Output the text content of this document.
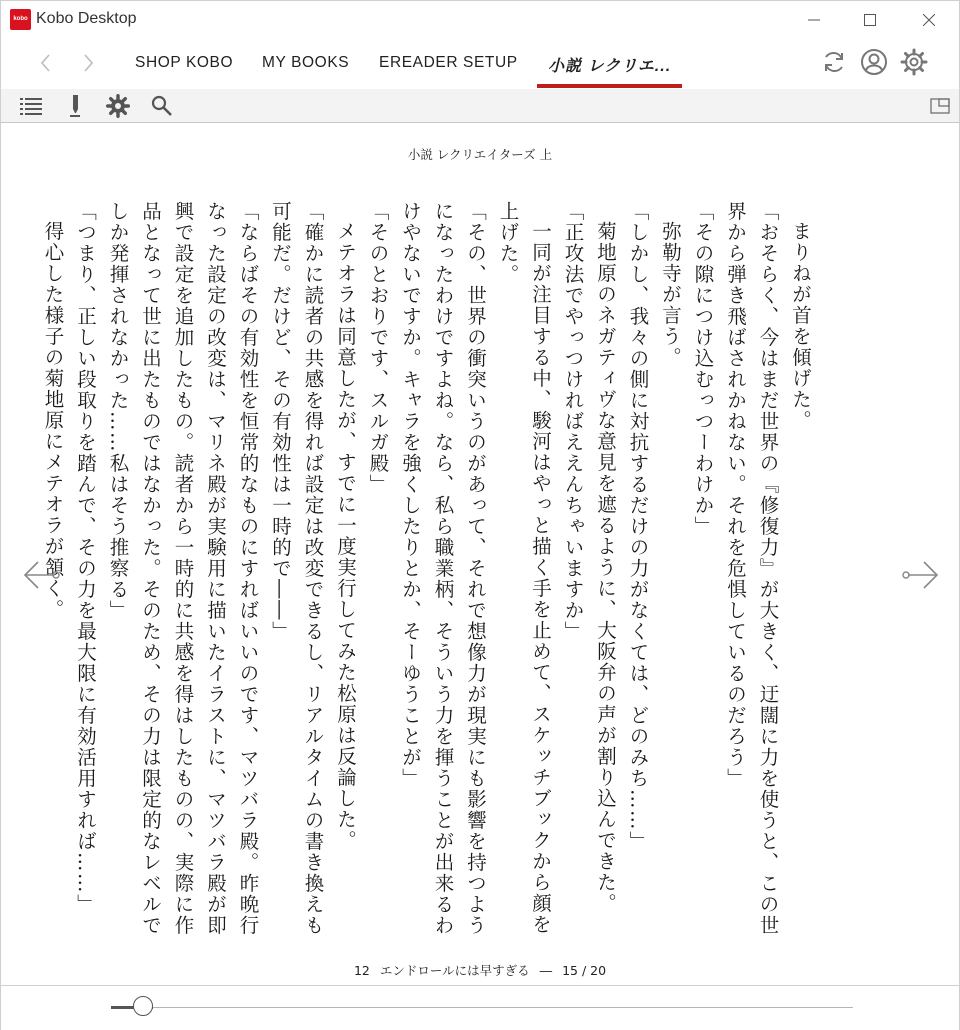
kobo Kobo Desktop
SHOP KOBO MY BOOKS EREADER SETUP 小説 レクリエ...
小説 レクリエイターズ 上

まりねが首を傾げた。

「おそらく、今はまだ世界の『修復力』が大きく、迂闊に力を使うと、この世界から弾き飛ばされかねない。それを危惧しているのだろう」

「その隙につけ込むっつーわけか」

弥勒寺が言う。

「しかし、我々の側に対抗するだけの力がなくては、どのみち……」

菊地原のネガティヴな意見を遮るように、大阪弁の声が割り込んできた。

「正攻法でやっつければええんちゃいますか」

一同が注目する中、駿河はやっと描く手を止めて、スケッチブックから顔を上げた。

「その、世界の衝突いうのがあって、それで想像力が現実にも影響を持つようになったわけですよね。なら、私ら職業柄、そういう力を揮うことが出来るわけやないですか。キャラを強くしたりとか、そーゆうことが」

「そのとおりです、スルガ殿」

メテオラは同意したが、すでに一度実行してみた松原は反論した。

「確かに読者の共感を得れば設定は改変できるし、リアルタイムの書き換えも可能だ。だけど、その有効性は一時的で――」

「ならばその有効性を恒常的なものにすればいいのです、マツバラ殿。昨晩行なった設定の改変は、マリネ殿が実験用に描いたイラストに、マツバラ殿が即興で設定を追加したもの。読者から一時的に共感を得はしたものの、実際に作品となって世に出たものではなかった。そのため、その力は限定的なレベルでしか発揮されなかった……私はそう推察る」

「つまり、正しい段取りを踏んで、その力を最大限に有効活用すれば……」

得心した様子の菊地原にメテオラが頷く。

12 エンドロールには早すぎる ― 15 / 20
